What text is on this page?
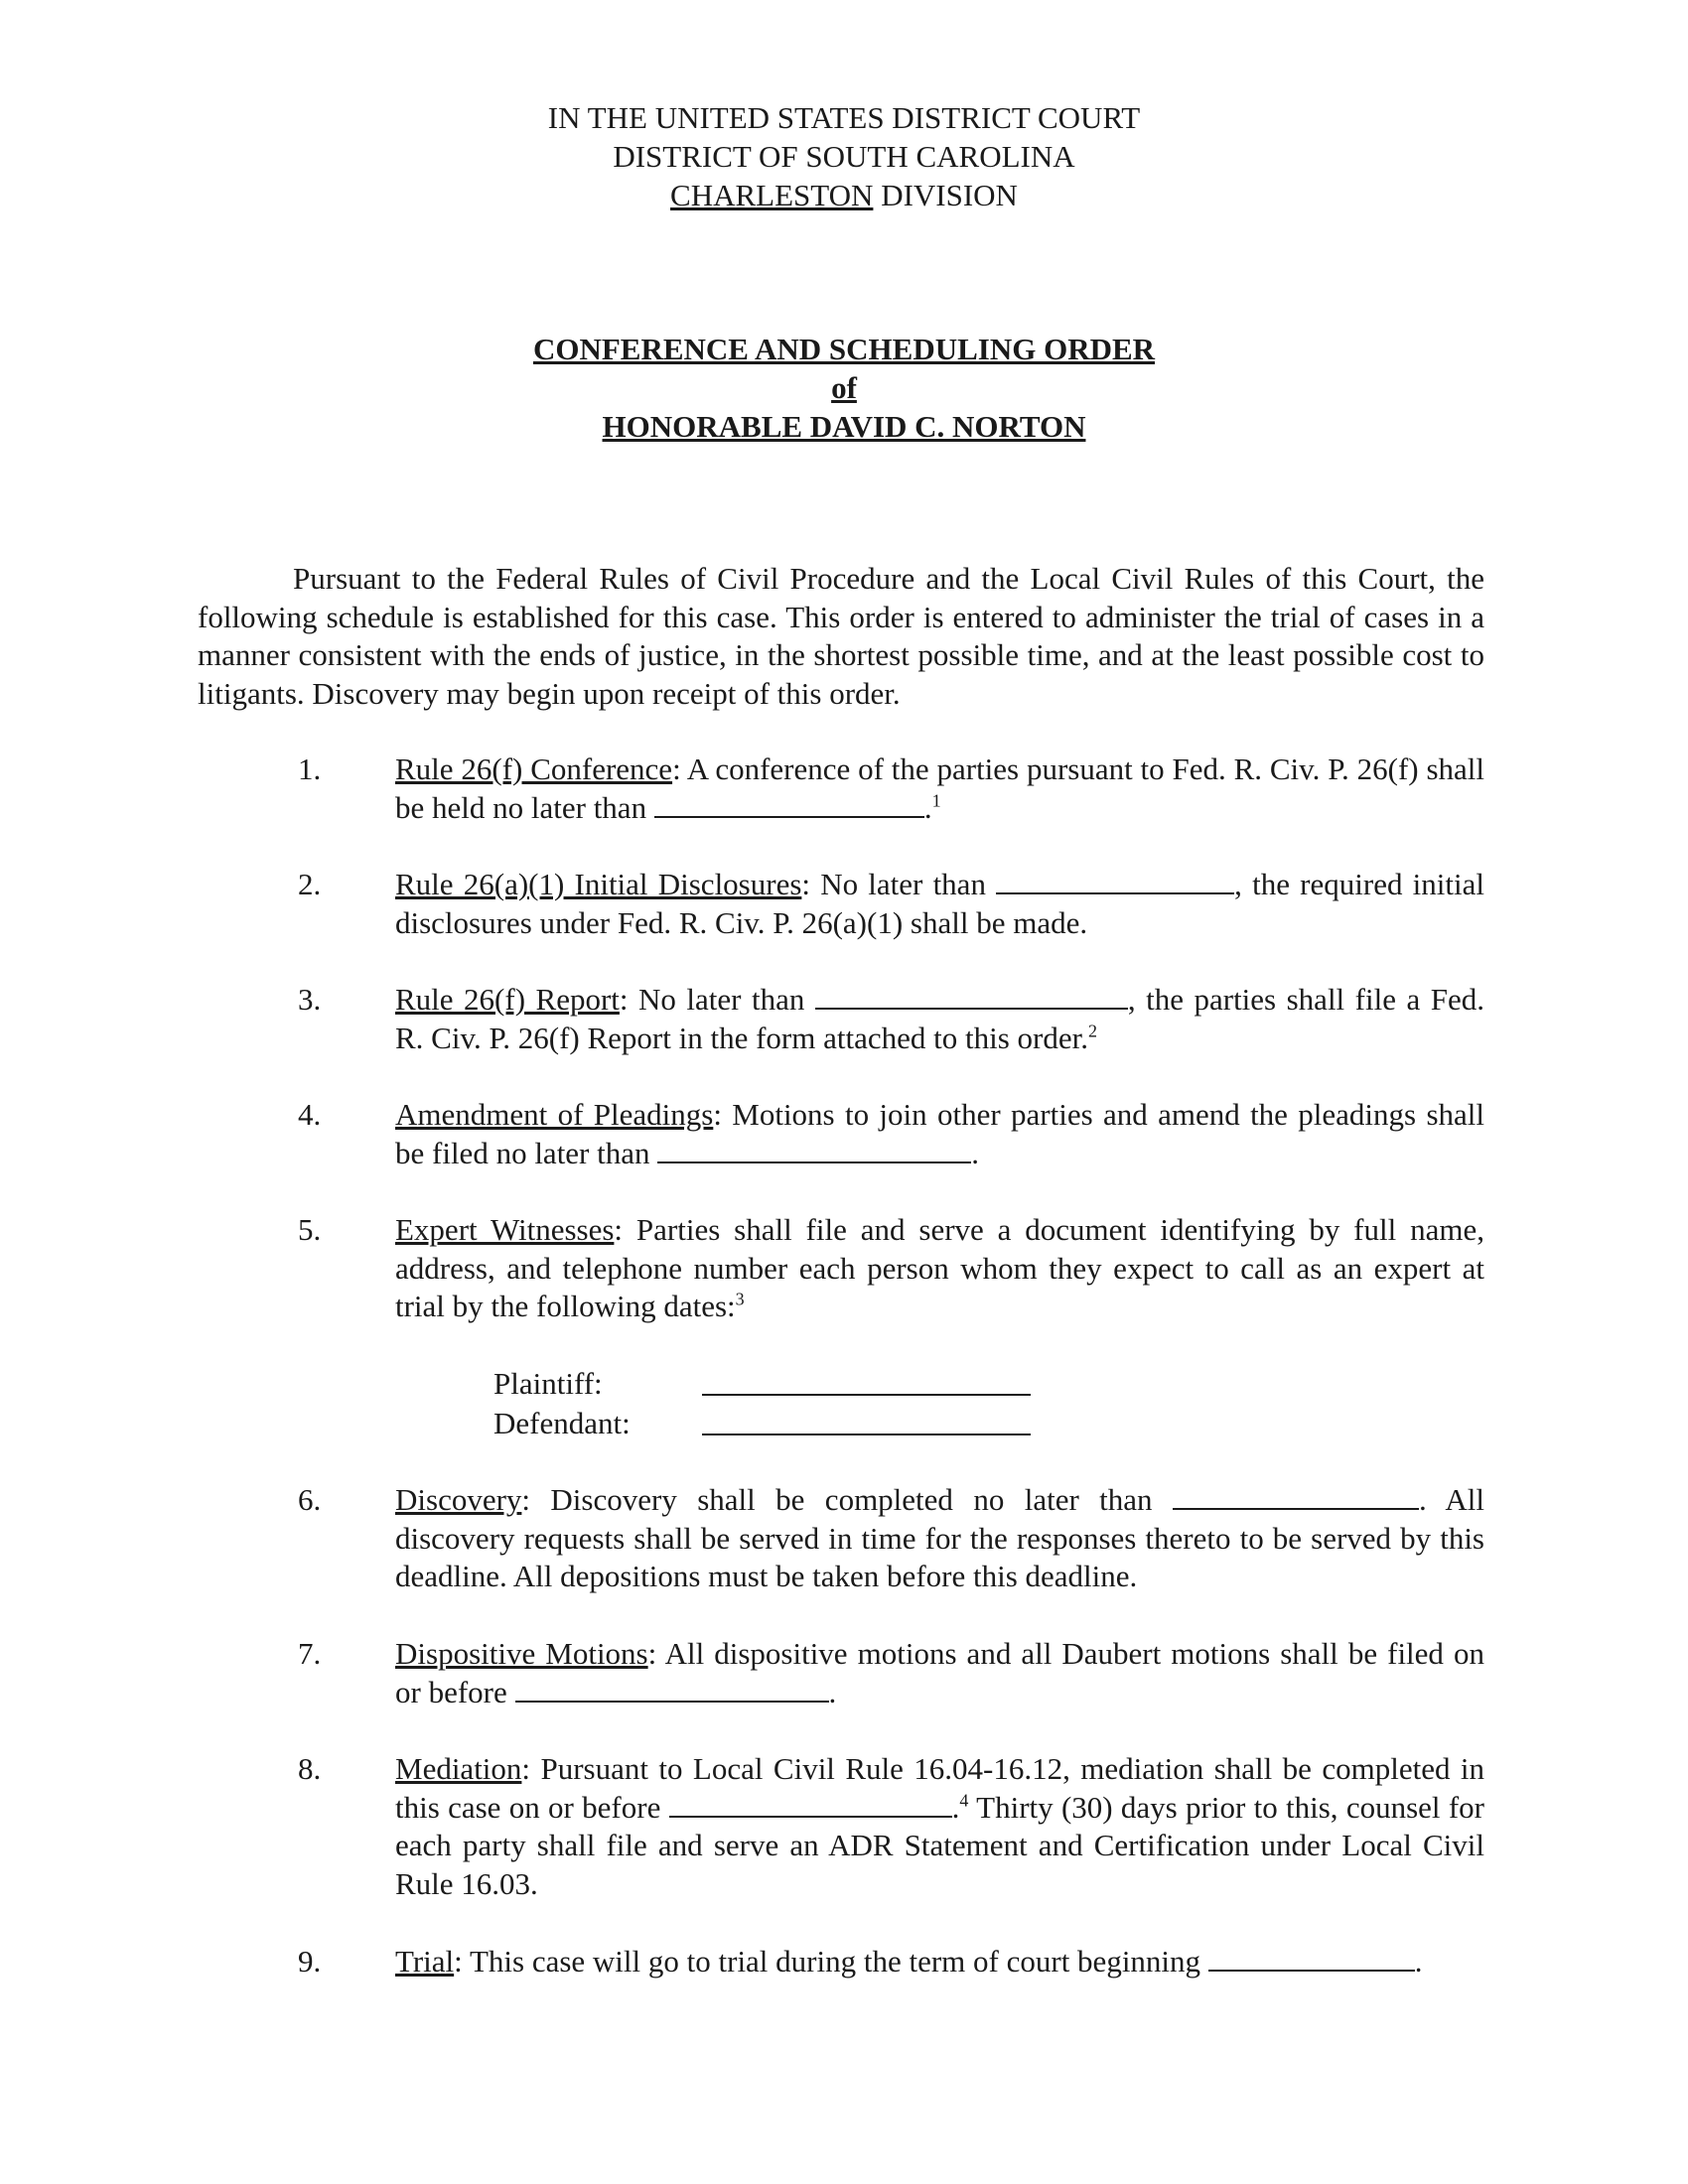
IN THE UNITED STATES DISTRICT COURT
DISTRICT OF SOUTH CAROLINA
CHARLESTON DIVISION
CONFERENCE AND SCHEDULING ORDER
of
HONORABLE DAVID C. NORTON
Pursuant to the Federal Rules of Civil Procedure and the Local Civil Rules of this Court, the following schedule is established for this case. This order is entered to administer the trial of cases in a manner consistent with the ends of justice, in the shortest possible time, and at the least possible cost to litigants. Discovery may begin upon receipt of this order.
1.	Rule 26(f) Conference: A conference of the parties pursuant to Fed. R. Civ. P. 26(f) shall be held no later than	.$^1$
2.	Rule 26(a)(1) Initial Disclosures: No later than	, the required initial disclosures under Fed. R. Civ. P. 26(a)(1) shall be made.
3.	Rule 26(f) Report: No later than	, the parties shall file a Fed. R. Civ. P. 26(f) Report in the form attached to this order.$^2$
4.	Amendment of Pleadings: Motions to join other parties and amend the pleadings shall be filed no later than	.
5.	Expert Witnesses: Parties shall file and serve a document identifying by full name, address, and telephone number each person whom they expect to call as an expert at trial by the following dates:$^3$
Plaintiff:
Defendant:
6.	Discovery: Discovery shall be completed no later than	. All discovery requests shall be served in time for the responses thereto to be served by this deadline. All depositions must be taken before this deadline.
7.	Dispositive Motions: All dispositive motions and all Daubert motions shall be filed on or before	.
8.	Mediation: Pursuant to Local Civil Rule 16.04-16.12, mediation shall be completed in this case on or before	.$^4$ Thirty (30) days prior to this, counsel for each party shall file and serve an ADR Statement and Certification under Local Civil Rule 16.03.
9.	Trial: This case will go to trial during the term of court beginning	.
